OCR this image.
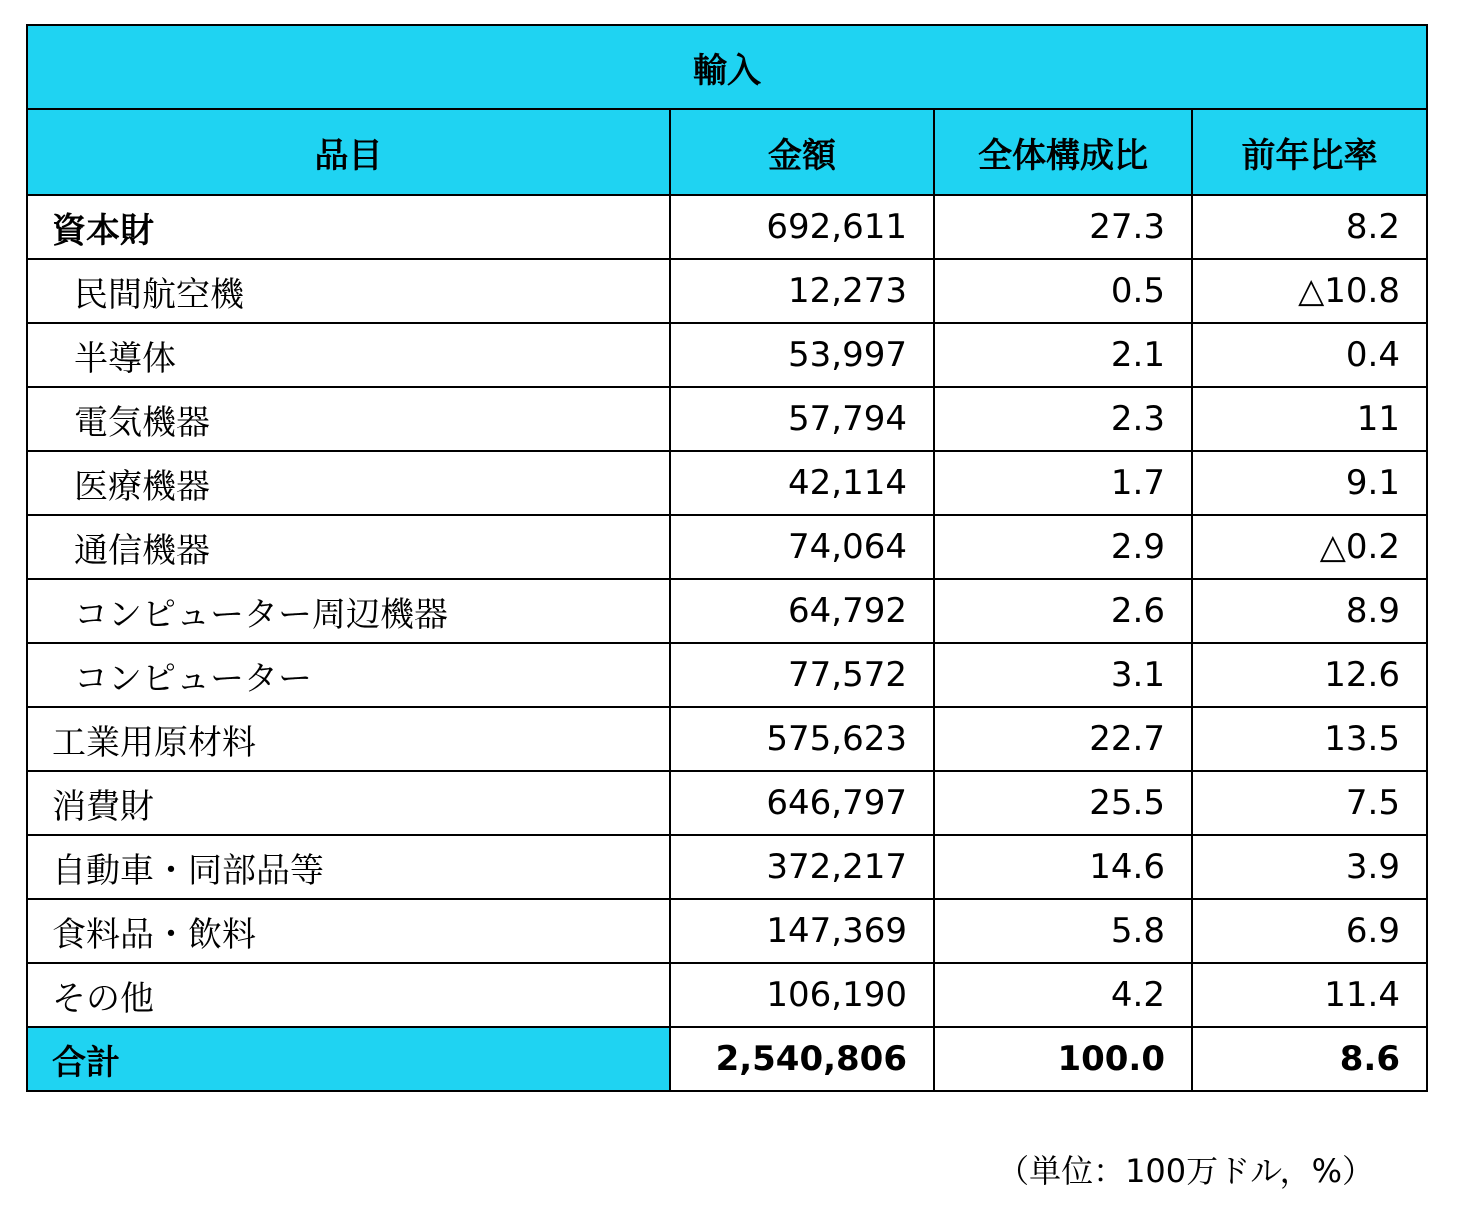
輸入			
品目	金額	全体構成比	前年比率
資本財	692,611	27.3	8.2
民間航空機	12,273	0.5	△10.8
半導体	53,997	2.1	0.4
電気機器	57,794	2.3	11
医療機器	42,114	1.7	9.1
通信機器	74,064	2.9	△0.2
コンピューター周辺機器	64,792	2.6	8.9
コンピューター	77,572	3.1	12.6
工業用原材料	575,623	22.7	13.5
消費財	646,797	25.5	7.5
自動車・同部品等	372,217	14.6	3.9
食料品・飲料	147,369	5.8	6.9
その他	106,190	4.2	11.4
合計	2,540,806	100.0	8.6
（単位：100万ドル，%）
